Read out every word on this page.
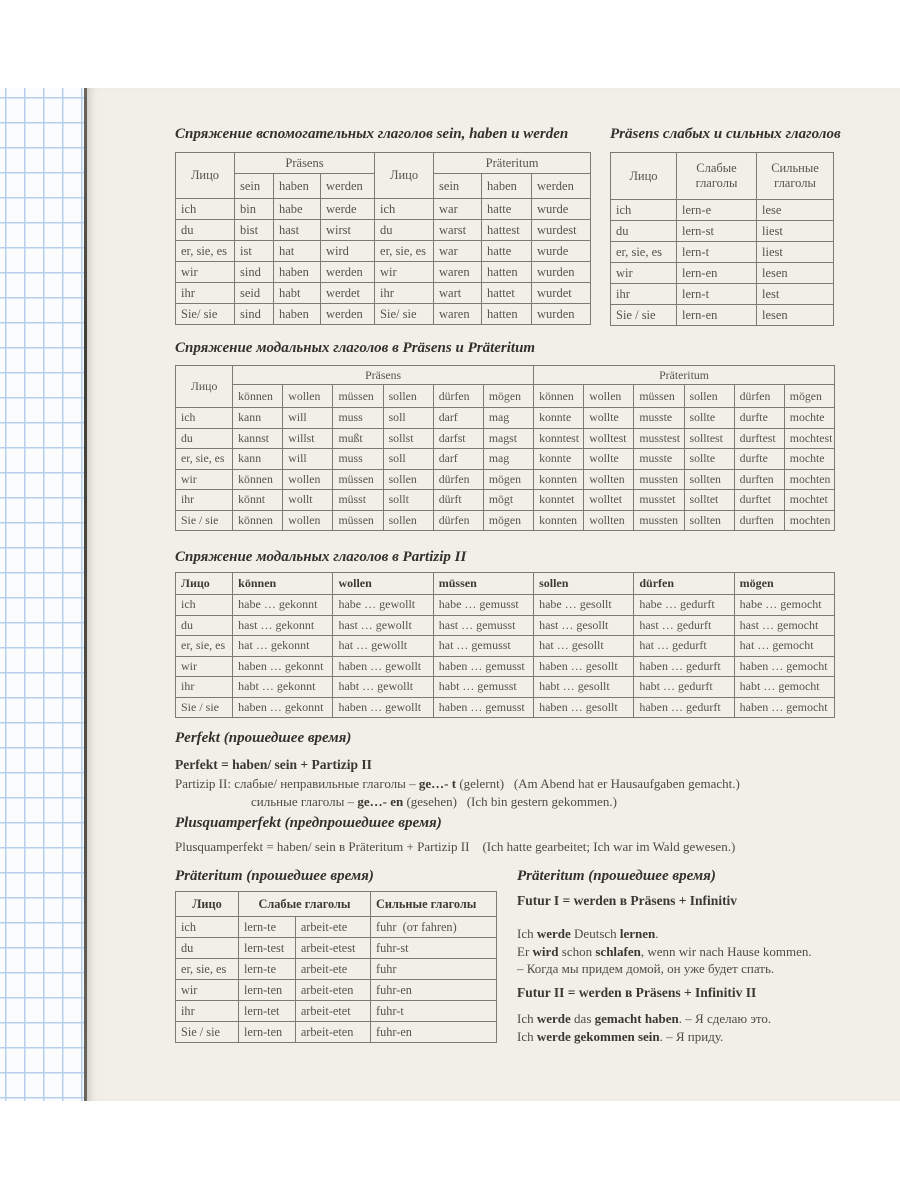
Спряжение вспомогательных глаголов sein, haben и werden
Лицо	Präsens			Лицо	Präteritum		
	sein	haben	werden		sein	haben	werden
ich	bin	habe	werde	ich	war	hatte	wurde
du	bist	hast	wirst	du	warst	hattest	wurdest
er, sie, es	ist	hat	wird	er, sie, es	war	hatte	wurde
wir	sind	haben	werden	wir	waren	hatten	wurden
ihr	seid	habt	werdet	ihr	wart	hattet	wurdet
Sie/ sie	sind	haben	werden	Sie/ sie	waren	hatten	wurden
Präsens слабых и сильных глаголов
Лицо	Слабые глаголы	Сильные глаголы
ich	lern-e	lese
du	lern-st	liest
er, sie, es	lern-t	liest
wir	lern-en	lesen
ihr	lern-t	lest
Sie / sie	lern-en	lesen
Спряжение модальных глаголов в Präsens и Präteritum
Лицо	Präsens						Präteritum					
	können	wollen	müssen	sollen	dürfen	mögen	können	wollen	müssen	sollen	dürfen	mögen
ich	kann	will	muss	soll	darf	mag	konnte	wollte	musste	sollte	durfte	mochte
du	kannst	willst	mußt	sollst	darfst	magst	konntest	wolltest	musstest	solltest	durftest	mochtest
er, sie, es	kann	will	muss	soll	darf	mag	konnte	wollte	musste	sollte	durfte	mochte
wir	können	wollen	müssen	sollen	dürfen	mögen	konnten	wollten	mussten	sollten	durften	mochten
ihr	könnt	wollt	müsst	sollt	dürft	mögt	konntet	wolltet	musstet	solltet	durftet	mochtet
Sie / sie	können	wollen	müssen	sollen	dürfen	mögen	konnten	wollten	mussten	sollten	durften	mochten
Спряжение модальных глаголов в Partizip II
Лицо	können	wollen	müssen	sollen	dürfen	mögen
ich	habe … gekonnt	habe … gewollt	habe … gemusst	habe … gesollt	habe … gedurft	habe … gemocht
du	hast … gekonnt	hast … gewollt	hast … gemusst	hast … gesollt	hast … gedurft	hast … gemocht
er, sie, es	hat … gekonnt	hat … gewollt	hat … gemusst	hat … gesollt	hat … gedurft	hat … gemocht
wir	haben … gekonnt	haben … gewollt	haben … gemusst	haben … gesollt	haben … gedurft	haben … gemocht
ihr	habt … gekonnt	habt … gewollt	habt … gemusst	habt … gesollt	habt … gedurft	habt … gemocht
Sie / sie	haben … gekonnt	haben … gewollt	haben … gemusst	haben … gesollt	haben … gedurft	haben … gemocht
Perfekt (прошедшее время)
Perfekt = haben/ sein + Partizip II
Partizip II: слабые/ неправильные глаголы – ge…- t (gelernt)   (Am Abend hat er Hausaufgaben gemacht.)
сильные глаголы – ge…- en (gesehen)   (Ich bin gestern gekommen.)
Plusquamperfekt (предпрошедшее время)
Plusquamperfekt = haben/ sein в Präteritum + Partizip II    (Ich hatte gearbeitet; Ich war im Wald gewesen.)
Präteritum (прошедшее время)
Лицо	Слабые глаголы		Сильные глаголы
ich	lern-te	arbeit-ete	fuhr  (от fahren)
du	lern-test	arbeit-etest	fuhr-st
er, sie, es	lern-te	arbeit-ete	fuhr
wir	lern-ten	arbeit-eten	fuhr-en
ihr	lern-tet	arbeit-etet	fuhr-t
Sie / sie	lern-ten	arbeit-eten	fuhr-en
Präteritum (прошедшее время)
Futur I = werden в Präsens + Infinitiv
Ich werde Deutsch lernen.
Er wird schon schlafen, wenn wir nach Hause kommen.
– Когда мы придем домой, он уже будет спать.
Futur II = werden в Präsens + Infinitiv II
Ich werde das gemacht haben. – Я сделаю это.
Ich werde gekommen sein. – Я приду.
